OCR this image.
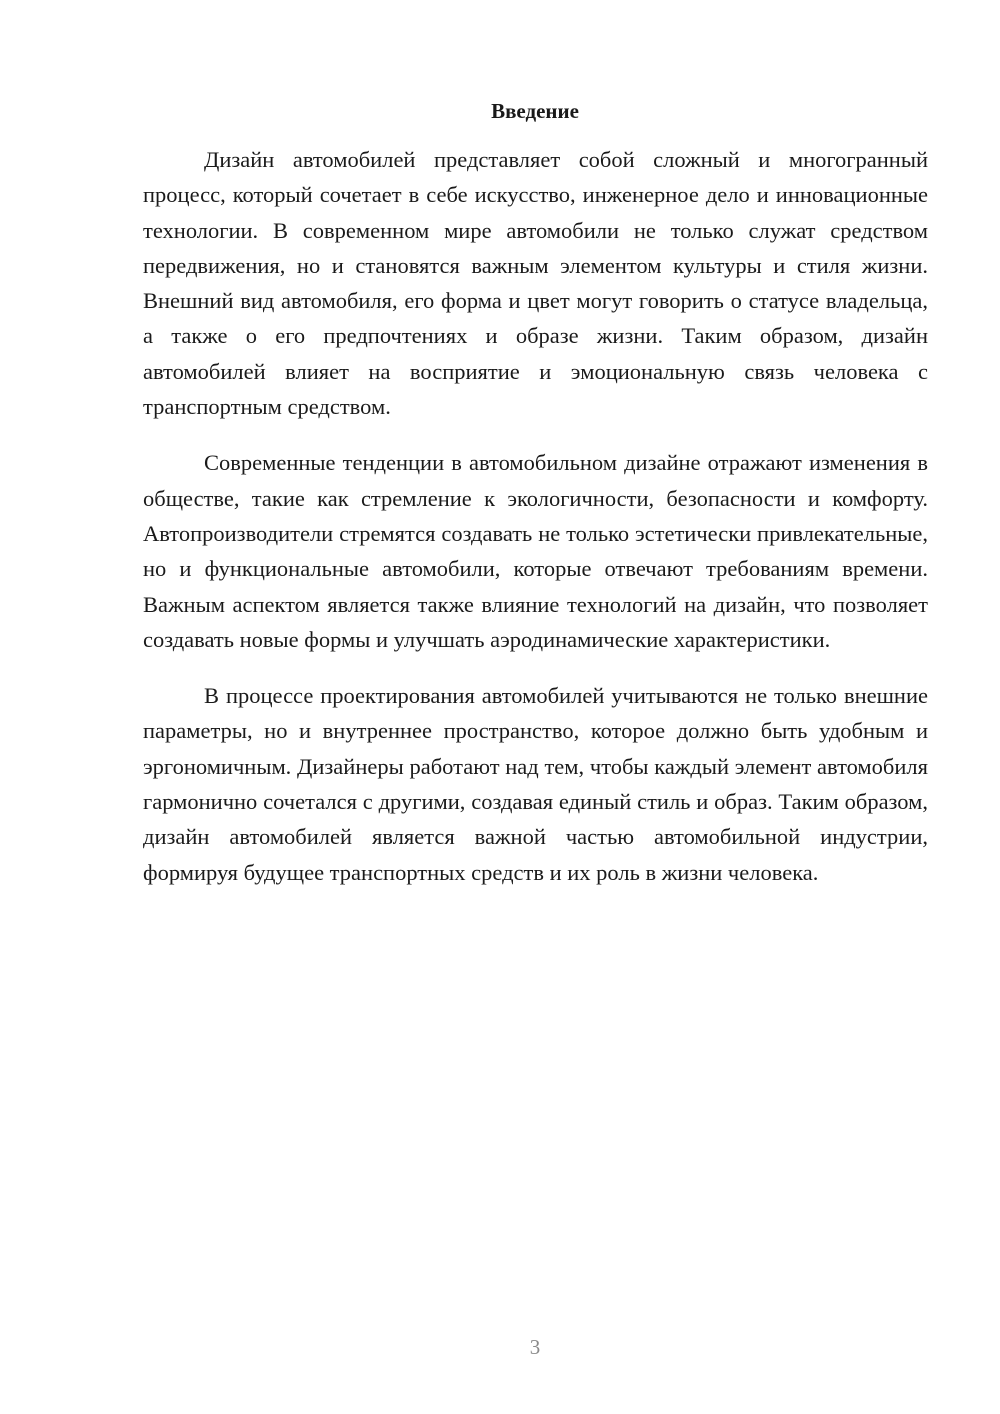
Введение

Дизайн автомобилей представляет собой сложный и многогранный процесс, который сочетает в себе искусство, инженерное дело и инновационные технологии. В современном мире автомобили не только служат средством передвижения, но и становятся важным элементом культуры и стиля жизни. Внешний вид автомобиля, его форма и цвет могут говорить о статусе владельца, а также о его предпочтениях и образе жизни. Таким образом, дизайн автомобилей влияет на восприятие и эмоциональную связь человека с транспортным средством.

Современные тенденции в автомобильном дизайне отражают изменения в обществе, такие как стремление к экологичности, безопасности и комфорту. Автопроизводители стремятся создавать не только эстетически привлекательные, но и функциональные автомобили, которые отвечают требованиям времени. Важным аспектом является также влияние технологий на дизайн, что позволяет создавать новые формы и улучшать аэродинамические характеристики.

В процессе проектирования автомобилей учитываются не только внешние параметры, но и внутреннее пространство, которое должно быть удобным и эргономичным. Дизайнеры работают над тем, чтобы каждый элемент автомобиля гармонично сочетался с другими, создавая единый стиль и образ. Таким образом, дизайн автомобилей является важной частью автомобильной индустрии, формируя будущее транспортных средств и их роль в жизни человека.

3
